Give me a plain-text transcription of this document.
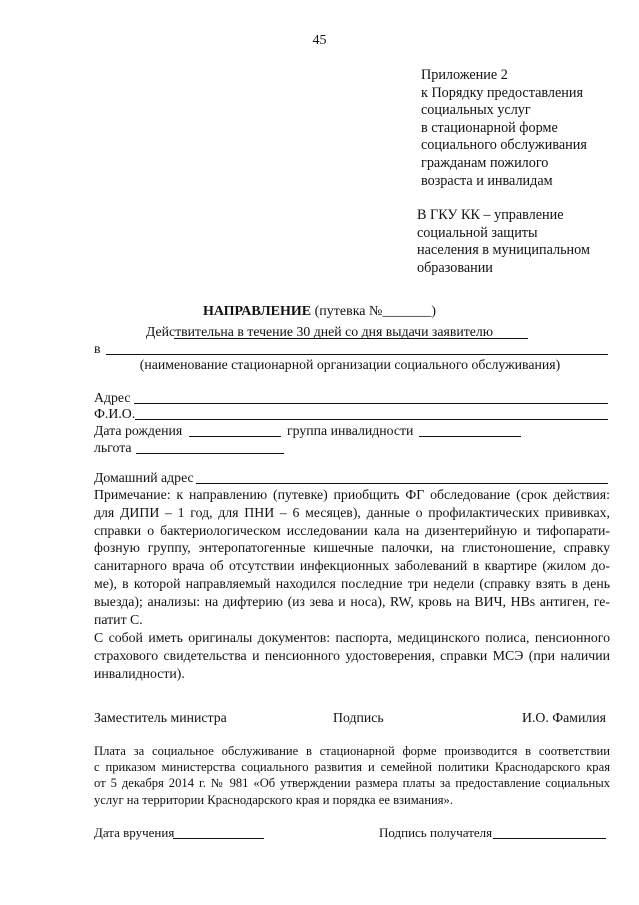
45
Приложение 2
к Порядку предоставления
социальных услуг
в стационарной форме
социального обслуживания
гражданам пожилого
возраста и инвалидам
В ГКУ КК – управление
социальной защиты
населения в муниципальном
образовании
НАПРАВЛЕНИЕ (путевка №_______)
Действительна в течение 30 дней со дня выдачи заявителю
в
(наименование стационарной организации социального обслуживания)
Адрес
Ф.И.О.
Дата рождения	группа инвалидности
льгота
Домашний адрес
Примечание: к направлению (путевке) приобщить ФГ обследование (срок действия:
для ДИПИ – 1 год, для ПНИ – 6 месяцев), данные о профилактических прививках,
справки о бактериологическом исследовании кала на дизентерийную и тифопарати-
фозную группу, энтеропатогенные кишечные палочки, на глистоношение, справку
санитарного врача об отсутствии инфекционных заболеваний в квартире (жилом до-
ме), в которой направляемый находился последние три недели (справку взять в день
выезда); анализы: на дифтерию (из зева и носа), RW, кровь на ВИЧ, HBs антиген, ге-
патит С.
С собой иметь оригиналы документов: паспорта, медицинского полиса, пенсионного
страхового свидетельства и пенсионного удостоверения, справки МСЭ (при наличии
инвалидности).
Заместитель министра	Подпись	И.О. Фамилия
Плата за социальное обслуживание в стационарной форме производится в соответствии
с приказом министерства социального развития и семейной политики Краснодарского края
от 5 декабря 2014 г. № 981 «Об утверждении размера платы за предоставление социальных
услуг на территории Краснодарского края и порядка ее взимания».
Дата вручения	Подпись получателя
